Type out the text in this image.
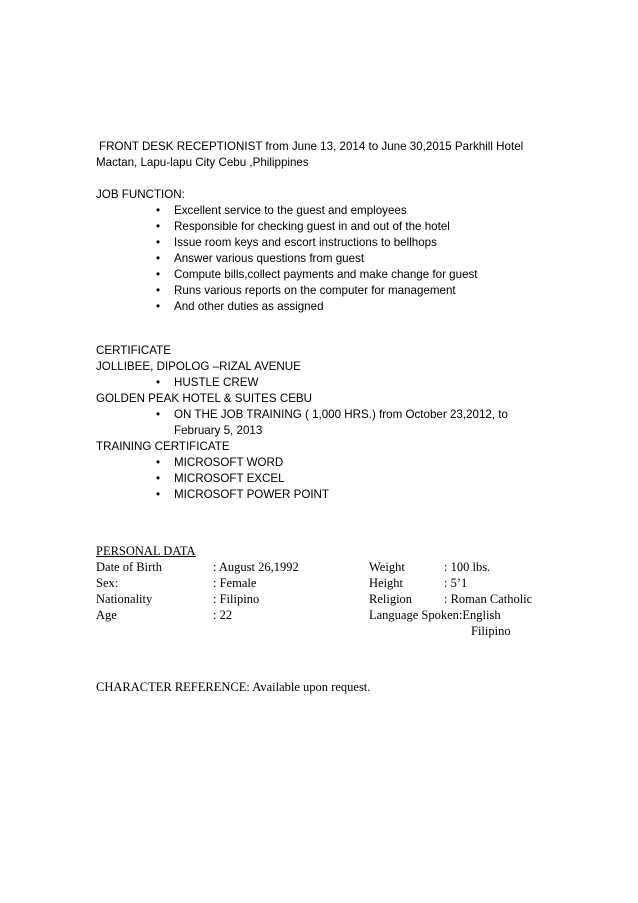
FRONT DESK RECEPTIONIST from June 13, 2014 to June 30,2015 Parkhill Hotel
Mactan, Lapu-lapu City Cebu ,Philippines
JOB FUNCTION:
• Excellent service to the guest and employees
• Responsible for checking guest in and out of the hotel
• Issue room keys and escort instructions to bellhops
• Answer various questions from guest
• Compute bills,collect payments and make change for guest
• Runs various reports on the computer for management
• And other duties as assigned
CERTIFICATE
JOLLIBEE, DIPOLOG –RIZAL AVENUE
• HUSTLE CREW
GOLDEN PEAK HOTEL & SUITES CEBU
• ON THE JOB TRAINING ( 1,000 HRS.) from October 23,2012, to
February 5, 2013
TRAINING CERTIFICATE
• MICROSOFT WORD
• MICROSOFT EXCEL
• MICROSOFT POWER POINT
PERSONAL DATA
Date of Birth	: August 26,1992	Weight	: 100 lbs.
Sex:	: Female	Height	: 5’1
Nationality	: Filipino	Religion	: Roman Catholic
Age	: 22	Language Spoken:English
Filipino
CHARACTER REFERENCE: Available upon request.
